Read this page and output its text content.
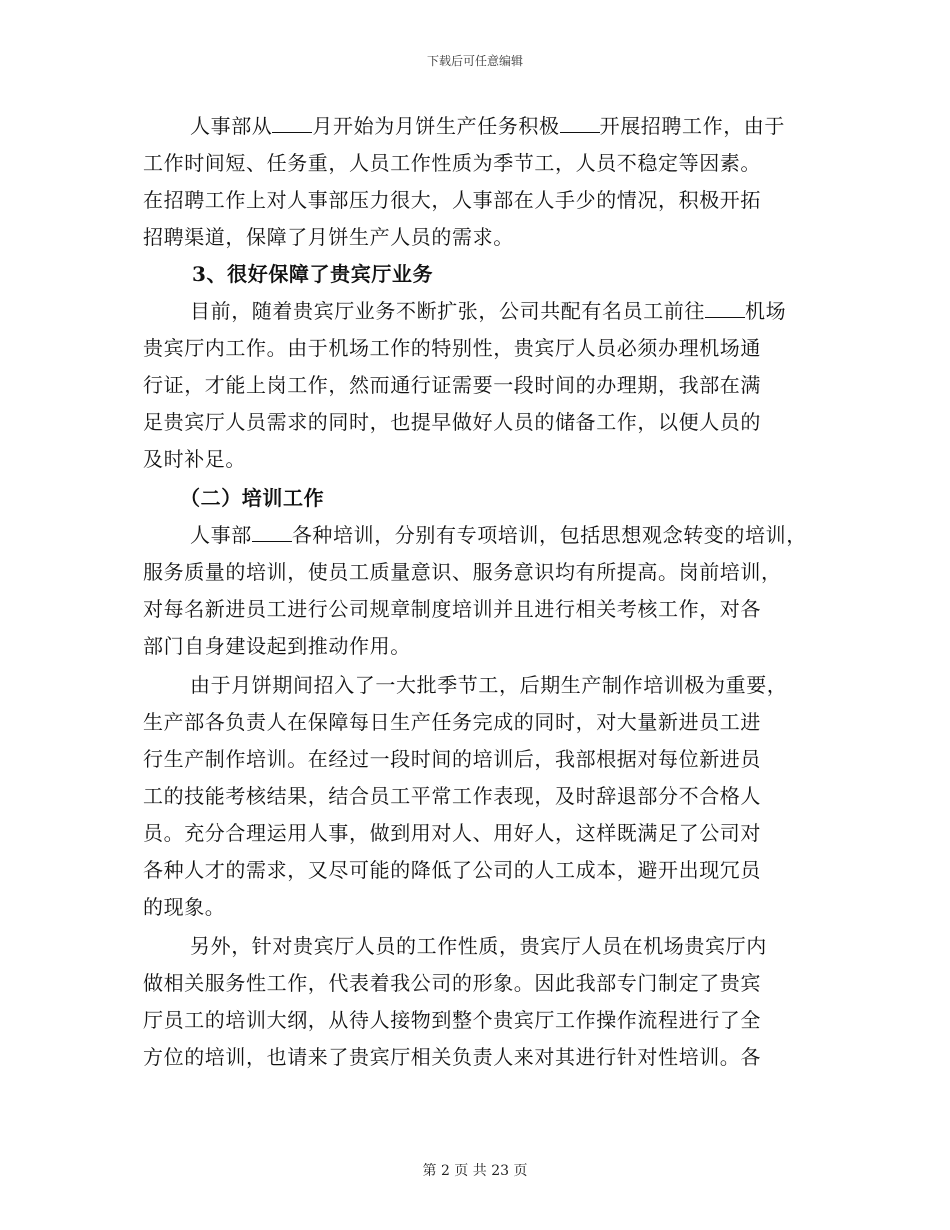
下载后可任意编辑
人事部从 月开始为月饼生产任务积极 开展招聘工作，由于
工作时间短、任务重，人员工作性质为季节工，人员不稳定等因素。
在招聘工作上对人事部压力很大，人事部在人手少的情况，积极开拓
招聘渠道，保障了月饼生产人员的需求。
3、很好保障了贵宾厅业务
目前，随着贵宾厅业务不断扩张，公司共配有名员工前往 机场
贵宾厅内工作。由于机场工作的特别性，贵宾厅人员必须办理机场通
行证，才能上岗工作，然而通行证需要一段时间的办理期，我部在满
足贵宾厅人员需求的同时，也提早做好人员的储备工作，以便人员的
及时补足。
（二）培训工作
人事部 各种培训，分别有专项培训，包括思想观念转变的培训，
服务质量的培训，使员工质量意识、服务意识均有所提高。岗前培训，
对每名新进员工进行公司规章制度培训并且进行相关考核工作，对各
部门自身建设起到推动作用。
由于月饼期间招入了一大批季节工，后期生产制作培训极为重要，
生产部各负责人在保障每日生产任务完成的同时，对大量新进员工进
行生产制作培训。在经过一段时间的培训后，我部根据对每位新进员
工的技能考核结果，结合员工平常工作表现，及时辞退部分不合格人
员。充分合理运用人事，做到用对人、用好人，这样既满足了公司对
各种人才的需求，又尽可能的降低了公司的人工成本，避开出现冗员
的现象。
另外，针对贵宾厅人员的工作性质，贵宾厅人员在机场贵宾厅内
做相关服务性工作，代表着我公司的形象。因此我部专门制定了贵宾
厅员工的培训大纲，从待人接物到整个贵宾厅工作操作流程进行了全
方位的培训，也请来了贵宾厅相关负责人来对其进行针对性培训。各
第 2 页 共 23 页
